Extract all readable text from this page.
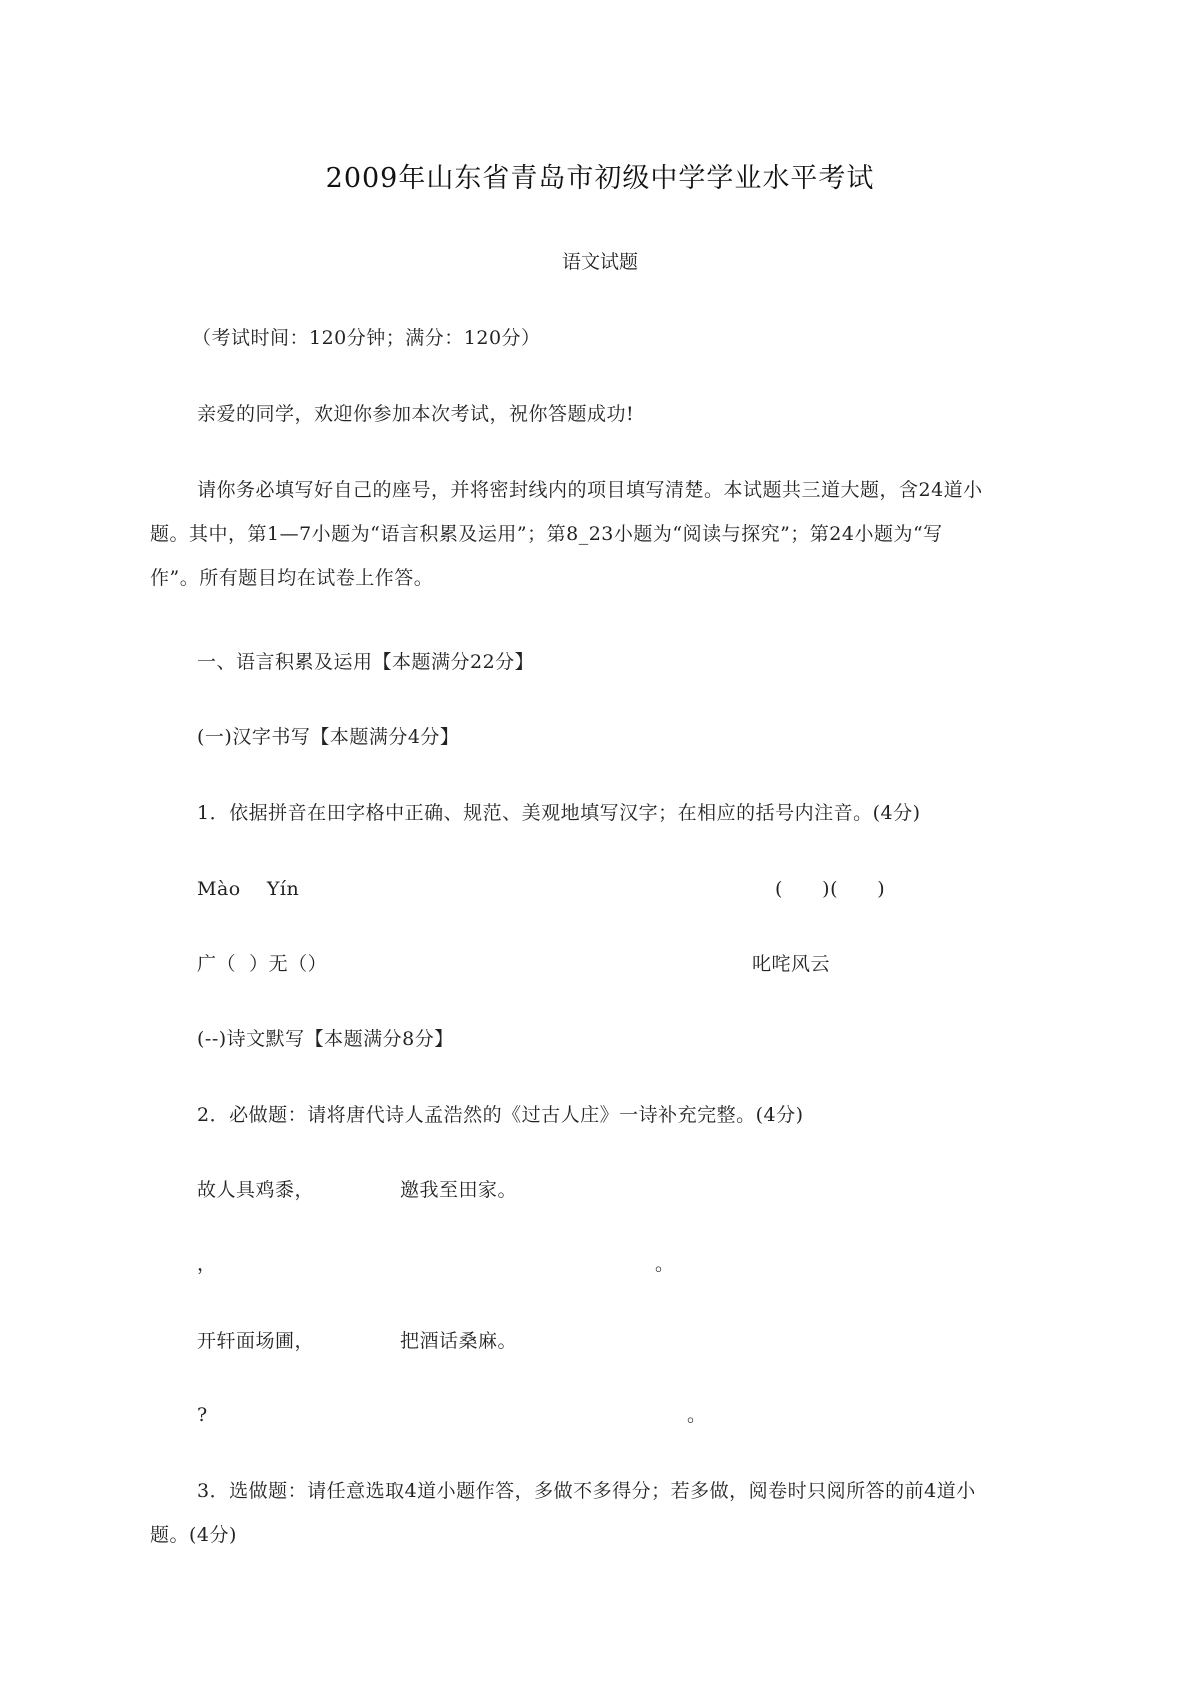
2009年山东省青岛市初级中学学业水平考试
语文试题
（考试时间：120分钟；满分：120分）
亲爱的同学，欢迎你参加本次考试，祝你答题成功!
请你务必填写好自己的座号，并将密封线内的项目填写清楚。本试题共三道大题，含24道小
题。其中，第1—7小题为“语言积累及运用”；第8_23小题为“阅读与探究”；第24小题为“写
作”。所有题目均在试卷上作答。
一、语言积累及运用【本题满分22分】
(一)汉字书写【本题满分4分】
1．依据拼音在田字格中正确、规范、美观地填写汉字；在相应的括号内注音。(4分)
Mào    Yín	(      )(      )
广（  ）无（）	叱咤风云
(--)诗文默写【本题满分8分】
2．必做题：请将唐代诗人孟浩然的《过古人庄》一诗补充完整。(4分)
故人具鸡黍，	邀我至田家。
，	。
开轩面场圃，	把酒话桑麻。
?	。
3．选做题：请任意选取4道小题作答，多做不多得分；若多做，阅卷时只阅所答的前4道小
题。(4分)
